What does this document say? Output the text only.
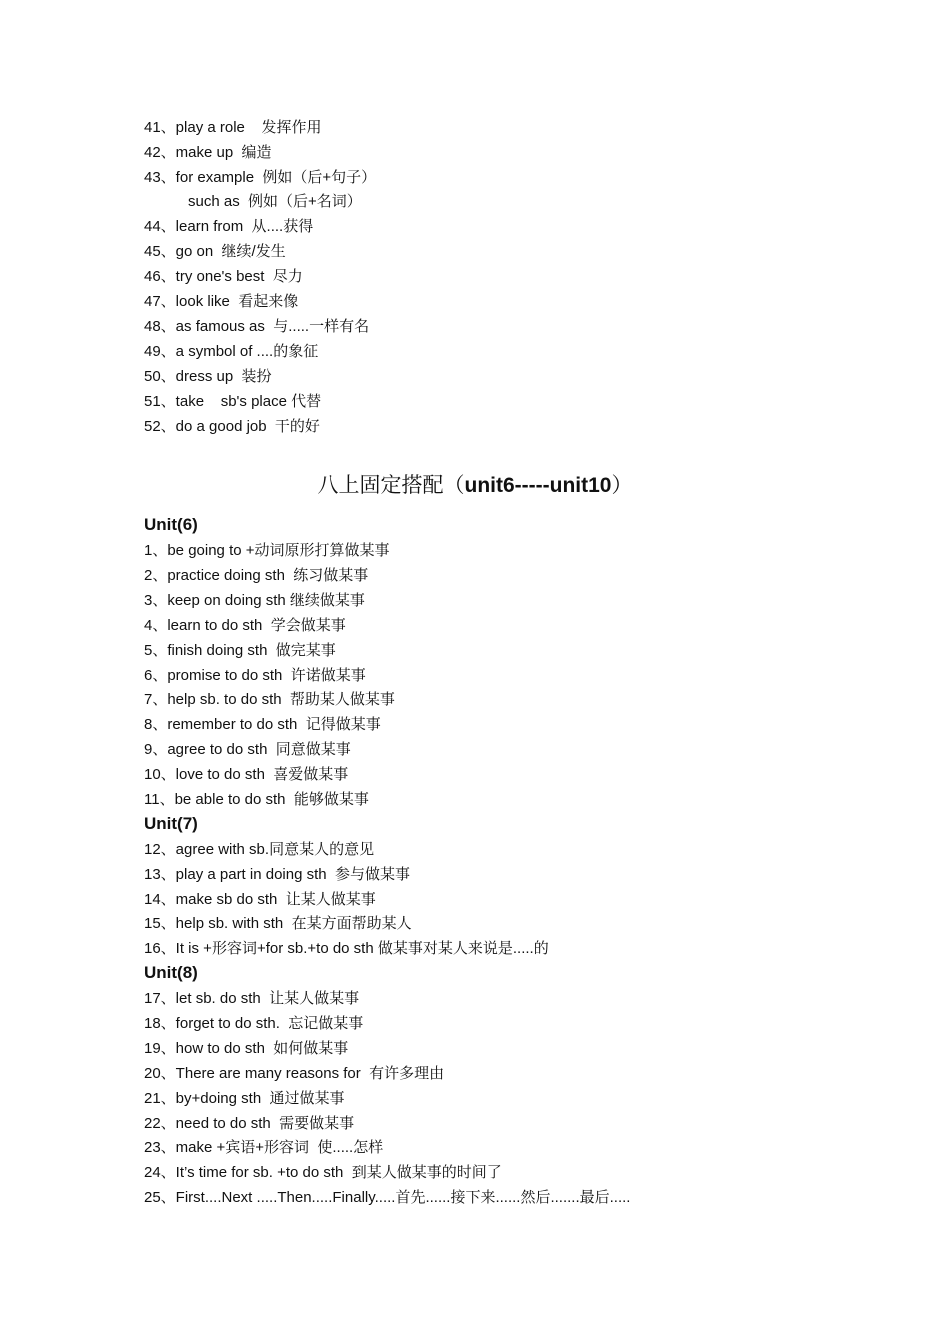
41、play a role    发挥作用
42、make up  编造
43、for example  例如（后+句子）
such as  例如（后+名词）
44、learn from  从....获得
45、go on  继续/发生
46、try one's best  尽力
47、look like  看起来像
48、as famous as  与.....一样有名
49、a symbol of ....的象征
50、dress up  装扮
51、take    sb's place 代替
52、do a good job  干的好
八上固定搭配（unit6-----unit10）
Unit(6)
1、be going to +动词原形打算做某事
2、practice doing sth  练习做某事
3、keep on doing sth 继续做某事
4、learn to do sth  学会做某事
5、finish doing sth  做完某事
6、promise to do sth  许诺做某事
7、help sb. to do sth  帮助某人做某事
8、remember to do sth  记得做某事
9、agree to do sth  同意做某事
10、love to do sth  喜爱做某事
11、be able to do sth  能够做某事
Unit(7)
12、agree with sb.同意某人的意见
13、play a part in doing sth  参与做某事
14、make sb do sth  让某人做某事
15、help sb. with sth  在某方面帮助某人
16、It is +形容词+for sb.+to do sth 做某事对某人来说是.....的
Unit(8)
17、let sb. do sth  让某人做某事
18、forget to do sth.  忘记做某事
19、how to do sth  如何做某事
20、There are many reasons for  有许多理由
21、by+doing sth  通过做某事
22、need to do sth  需要做某事
23、make +宾语+形容词  使.....怎样
24、It’s time for sb. +to do sth  到某人做某事的时间了
25、First....Next .....Then.....Finally.....首先......接下来......然后.......最后.....
